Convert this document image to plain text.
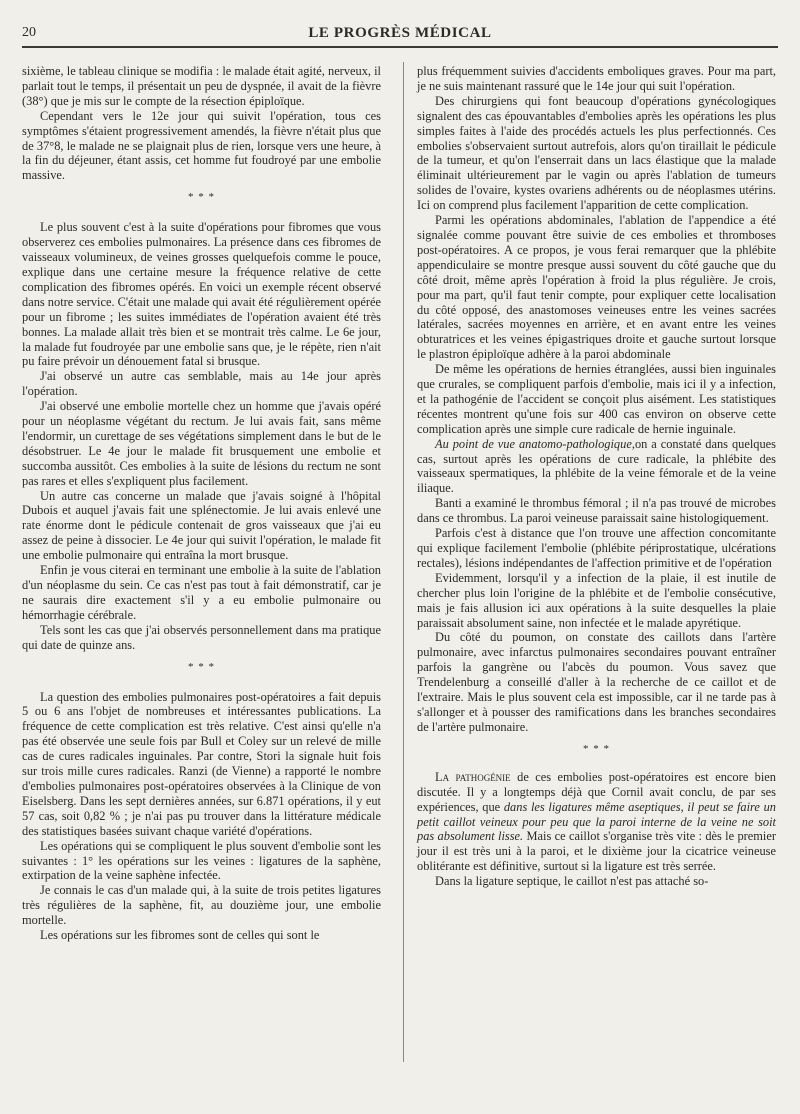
20	LE PROGRÈS MÉDICAL

sixième, le tableau clinique se modifia : le malade était agité, nerveux, il parlait tout le temps, il présentait un peu de dyspnée, il avait de la fièvre (38°) que je mis sur le compte de la résection épiploïque.

Cependant vers le 12e jour qui suivit l'opération, tous ces symptômes s'étaient progressivement amendés, la fièvre n'était plus que de 37°8, le malade ne se plaignait plus de rien, lorsque vers une heure, à la fin du déjeuner, étant assis, cet homme fut foudroyé par une embolie massive.

* * *

Le plus souvent c'est à la suite d'opérations pour fibromes que vous observerez ces embolies pulmonaires. La présence dans ces fibromes de vaisseaux volumineux, de veines grosses quelquefois comme le pouce, explique dans une certaine mesure la fréquence relative de cette complication des fibromes opérés. En voici un exemple récent observé dans notre service. C'était une malade qui avait été régulièrement opérée pour un fibrome ; les suites immédiates de l'opération avaient été très bonnes. La malade allait très bien et se montrait très calme. Le 6e jour, la malade fut foudroyée par une embolie sans que, je le répète, rien n'ait pu faire prévoir un dénouement fatal si brusque.

J'ai observé un autre cas semblable, mais au 14e jour après l'opération.

J'ai observé une embolie mortelle chez un homme que j'avais opéré pour un néoplasme végétant du rectum. Je lui avais fait, sans même l'endormir, un curettage de ses végétations simplement dans le but de le désobstruer. Le 4e jour le malade fit brusquement une embolie et succomba aussitôt. Ces embolies à la suite de lésions du rectum ne sont pas rares et elles s'expliquent plus facilement.

Un autre cas concerne un malade que j'avais soigné à l'hôpital Dubois et auquel j'avais fait une splénectomie. Je lui avais enlevé une rate énorme dont le pédicule contenait de gros vaisseaux que j'ai eu assez de peine à dissocier. Le 4e jour qui suivit l'opération, le malade fit une embolie pulmonaire qui entraîna la mort brusque.

Enfin je vous citerai en terminant une embolie à la suite de l'ablation d'un néoplasme du sein. Ce cas n'est pas tout à fait démonstratif, car je ne saurais dire exactement s'il y a eu embolie pulmonaire ou hémorrhagie cérébrale.

Tels sont les cas que j'ai observés personnellement dans ma pratique qui date de quinze ans.

* * *

La question des embolies pulmonaires post-opératoires a fait depuis 5 ou 6 ans l'objet de nombreuses et intéressantes publications. La fréquence de cette complication est très relative. C'est ainsi qu'elle n'a pas été observée une seule fois par Bull et Coley sur un relevé de mille cas de cures radicales inguinales. Par contre, Stori la signale huit fois sur trois mille cures radicales. Ranzi (de Vienne) a rapporté le nombre d'embolies pulmonaires post-opératoires observées à la Clinique de von Eiselsberg. Dans les sept dernières années, sur 6.871 opérations, il y eut 57 cas, soit 0,82 % ; je n'ai pas pu trouver dans la littérature médicale des statistiques basées suivant chaque variété d'opérations.

Les opérations qui se compliquent le plus souvent d'embolie sont les suivantes : 1° les opérations sur les veines : ligatures de la saphène, extirpation de la veine saphène infectée.

Je connais le cas d'un malade qui, à la suite de trois petites ligatures très régulières de la saphène, fit, au douzième jour, une embolie mortelle.

Les opérations sur les fibromes sont de celles qui sont le

plus fréquemment suivies d'accidents emboliques graves. Pour ma part, je ne suis maintenant rassuré que le 14e jour qui suit l'opération.

Des chirurgiens qui font beaucoup d'opérations gynécologiques signalent des cas épouvantables d'embolies après les opérations les plus simples faites à l'aide des procédés actuels les plus perfectionnés. Ces embolies s'observaient surtout autrefois, alors qu'on tiraillait le pédicule de la tumeur, et qu'on l'enserrait dans un lacs élastique que la malade éliminait ultérieurement par le vagin ou après l'ablation de tumeurs solides de l'ovaire, kystes ovariens adhérents ou de néoplasmes utérins. Ici on comprend plus facilement l'apparition de cette complication.

Parmi les opérations abdominales, l'ablation de l'appendice a été signalée comme pouvant être suivie de ces embolies et thromboses post-opératoires. A ce propos, je vous ferai remarquer que la phlébite appendiculaire se montre presque aussi souvent du côté gauche que du côté droit, même après l'opération à froid la plus régulière. Je crois, pour ma part, qu'il faut tenir compte, pour expliquer cette localisation du côté opposé, des anastomoses veineuses entre les veines sacrées latérales, sacrées moyennes en arrière, et en avant entre les veines obturatrices et les veines épigastriques droite et gauche surtout lorsque le plastron épiploïque adhère à la paroi abdominale

De même les opérations de hernies étranglées, aussi bien inguinales que crurales, se compliquent parfois d'embolie, mais ici il y a infection, et la pathogénie de l'accident se conçoit plus aisément. Les statistiques récentes montrent qu'une fois sur 400 cas environ on observe cette complication après une simple cure radicale de hernie inguinale.

Au point de vue anatomo-pathologique,on a constaté dans quelques cas, surtout après les opérations de cure radicale, la phlébite des vaisseaux spermatiques, la phlébite de la veine fémorale et de la veine iliaque.

Banti a examiné le thrombus fémoral ; il n'a pas trouvé de microbes dans ce thrombus. La paroi veineuse paraissait saine histologiquement.

Parfois c'est à distance que l'on trouve une affection concomitante qui explique facilement l'embolie (phlébite périprostatique, ulcérations rectales), lésions indépendantes de l'affection primitive et de l'opération

Evidemment, lorsqu'il y a infection de la plaie, il est inutile de chercher plus loin l'origine de la phlébite et de l'embolie consécutive, mais je fais allusion ici aux opérations à la suite desquelles la plaie paraissait absolument saine, non infectée et le malade apyrétique.

Du côté du poumon, on constate des caillots dans l'artère pulmonaire, avec infarctus pulmonaires secondaires pouvant entraîner parfois la gangrène ou l'abcès du poumon. Vous savez que Trendelenburg a conseillé d'aller à la recherche de ce caillot et de l'extraire. Mais le plus souvent cela est impossible, car il ne tarde pas à s'allonger et à pousser des ramifications dans les branches secondaires de l'artère pulmonaire.

* * *

La pathogénie de ces embolies post-opératoires est encore bien discutée. Il y a longtemps déjà que Cornil avait conclu, de par ses expériences, que dans les ligatures même aseptiques, il peut se faire un petit caillot veineux pour peu que la paroi interne de la veine ne soit pas absolument lisse. Mais ce caillot s'organise très vite : dès le premier jour il est très uni à la paroi, et le dixième jour la cicatrice veineuse oblitérante est définitive, surtout si la ligature est très serrée.

Dans la ligature septique, le caillot n'est pas attaché so-
